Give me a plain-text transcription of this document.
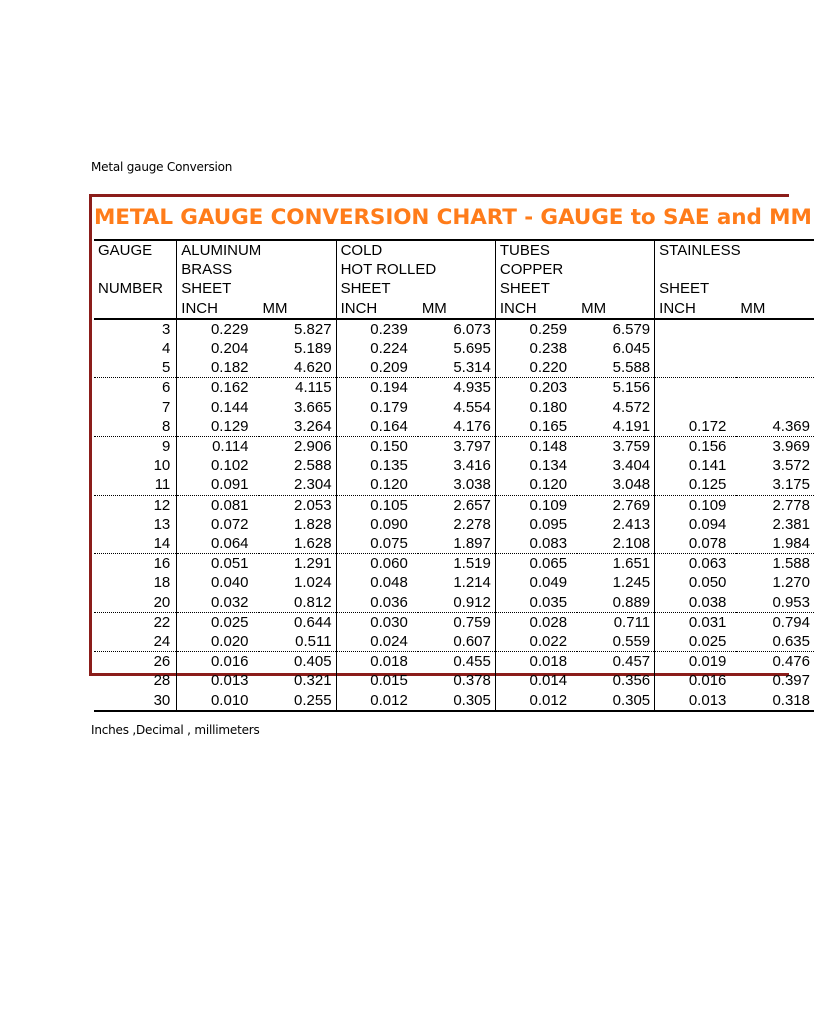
Metal gauge Conversion
METAL GAUGE CONVERSION CHART - GAUGE to SAE and MM
GAUGE	ALUMINUM		COLD		TUBES		STAINLESS	
	BRASS		HOT ROLLED		COPPER			
NUMBER	SHEET		SHEET		SHEET		SHEET	
	INCH	MM	INCH	MM	INCH	MM	INCH	MM
3	0.229	5.827	0.239	6.073	0.259	6.579		
4	0.204	5.189	0.224	5.695	0.238	6.045		
5	0.182	4.620	0.209	5.314	0.220	5.588		
6	0.162	4.115	0.194	4.935	0.203	5.156		
7	0.144	3.665	0.179	4.554	0.180	4.572		
8	0.129	3.264	0.164	4.176	0.165	4.191	0.172	4.369
9	0.114	2.906	0.150	3.797	0.148	3.759	0.156	3.969
10	0.102	2.588	0.135	3.416	0.134	3.404	0.141	3.572
11	0.091	2.304	0.120	3.038	0.120	3.048	0.125	3.175
12	0.081	2.053	0.105	2.657	0.109	2.769	0.109	2.778
13	0.072	1.828	0.090	2.278	0.095	2.413	0.094	2.381
14	0.064	1.628	0.075	1.897	0.083	2.108	0.078	1.984
16	0.051	1.291	0.060	1.519	0.065	1.651	0.063	1.588
18	0.040	1.024	0.048	1.214	0.049	1.245	0.050	1.270
20	0.032	0.812	0.036	0.912	0.035	0.889	0.038	0.953
22	0.025	0.644	0.030	0.759	0.028	0.711	0.031	0.794
24	0.020	0.511	0.024	0.607	0.022	0.559	0.025	0.635
26	0.016	0.405	0.018	0.455	0.018	0.457	0.019	0.476
28	0.013	0.321	0.015	0.378	0.014	0.356	0.016	0.397
30	0.010	0.255	0.012	0.305	0.012	0.305	0.013	0.318
Inches ,Decimal , millimeters
